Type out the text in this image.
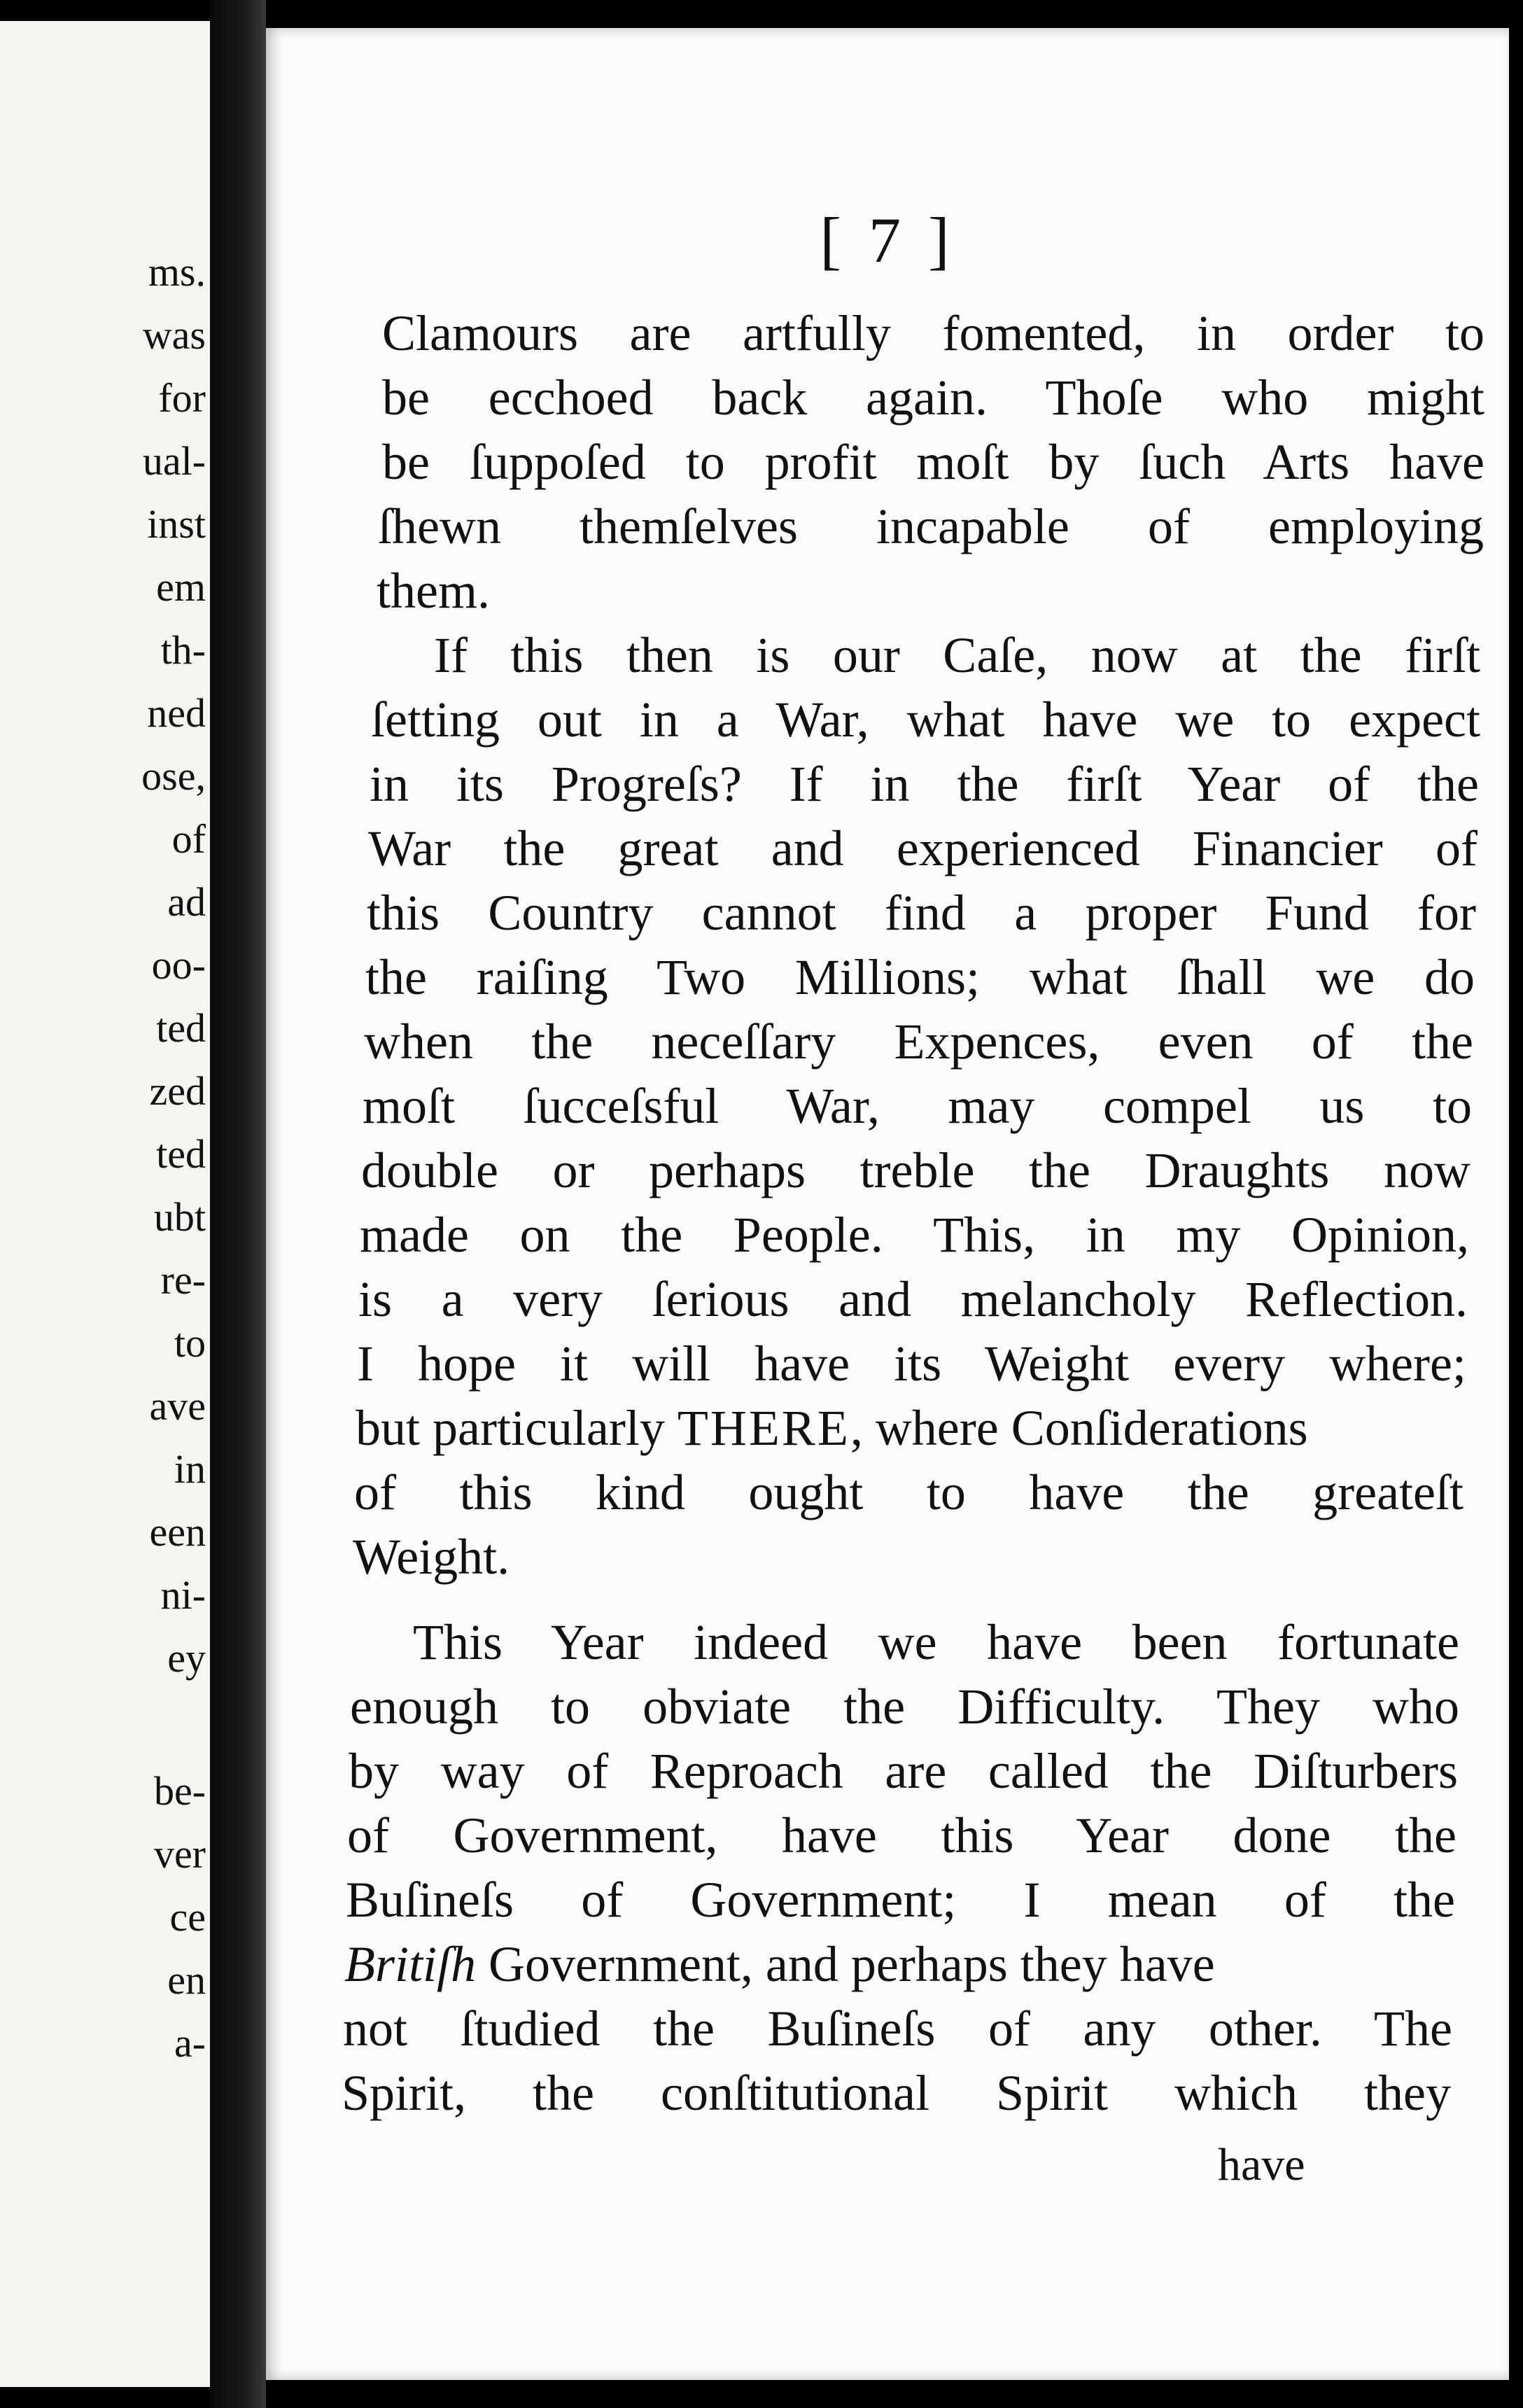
ms.
was
for
ual-
inst
em
th-
ned
ose,
of
ad
oo-
ted
zed
ted
ubt
re-
to
ave
in
een
ni-
ey
be-
ver
ce
en
a-
[ 7 ]
Clamours are artfully fomented, in order to
be ecchoed back again. Thoſe who might
be ſuppoſed to profit moſt by ſuch Arts have
ſhewn themſelves incapable of employing
them.
If this then is our Caſe, now at the firſt
ſetting out in a War, what have we to expect
in its Progreſs? If in the firſt Year of the
War the great and experienced Financier of
this Country cannot find a proper Fund for
the raiſing Two Millions; what ſhall we do
when the neceſſary Expences, even of the
moſt ſucceſsful War, may compel us to
double or perhaps treble the Draughts now
made on the People. This, in my Opinion,
is a very ſerious and melancholy Reflection.
I hope it will have its Weight every where;
but particularly THERE, where Conſiderations
of this kind ought to have the greateſt
Weight.
This Year indeed we have been fortunate
enough to obviate the Difficulty. They who
by way of Reproach are called the Diſturbers
of Government, have this Year done the
Buſineſs of Government; I mean of the
Britiſh Government, and perhaps they have
not ſtudied the Buſineſs of any other. The
Spirit, the conſtitutional Spirit which they
have
